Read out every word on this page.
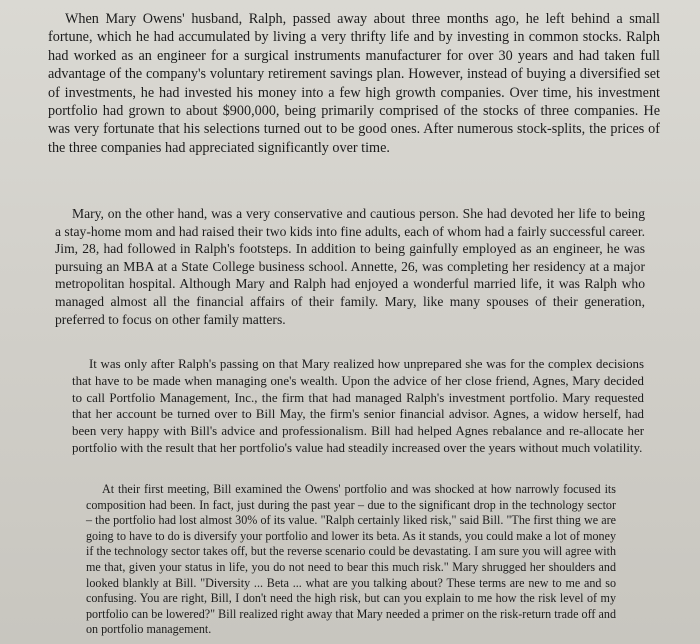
When Mary Owens' husband, Ralph, passed away about three months ago, he left behind a small fortune, which he had accumulated by living a very thrifty life and by investing in common stocks. Ralph had worked as an engineer for a surgical instruments manufacturer for over 30 years and had taken full advantage of the company's voluntary retirement savings plan. However, instead of buying a diversified set of investments, he had invested his money into a few high growth companies. Over time, his investment portfolio had grown to about $900,000, being primarily comprised of the stocks of three companies. He was very fortunate that his selections turned out to be good ones. After numerous stock-splits, the prices of the three companies had appreciated significantly over time.

Mary, on the other hand, was a very conservative and cautious person. She had devoted her life to being a stay-home mom and had raised their two kids into fine adults, each of whom had a fairly successful career. Jim, 28, had followed in Ralph's footsteps. In addition to being gainfully employed as an engineer, he was pursuing an MBA at a State College business school. Annette, 26, was completing her residency at a major metropolitan hospital. Although Mary and Ralph had enjoyed a wonderful married life, it was Ralph who managed almost all the financial affairs of their family. Mary, like many spouses of their generation, preferred to focus on other family matters.

It was only after Ralph's passing on that Mary realized how unprepared she was for the complex decisions that have to be made when managing one's wealth. Upon the advice of her close friend, Agnes, Mary decided to call Portfolio Management, Inc., the firm that had managed Ralph's investment portfolio. Mary requested that her account be turned over to Bill May, the firm's senior financial advisor. Agnes, a widow herself, had been very happy with Bill's advice and professionalism. Bill had helped Agnes rebalance and re-allocate her portfolio with the result that her portfolio's value had steadily increased over the years without much volatility.

At their first meeting, Bill examined the Owens' portfolio and was shocked at how narrowly focused its composition had been. In fact, just during the past year – due to the significant drop in the technology sector – the portfolio had lost almost 30% of its value. "Ralph certainly liked risk," said Bill. "The first thing we are going to have to do is diversify your portfolio and lower its beta. As it stands, you could make a lot of money if the technology sector takes off, but the reverse scenario could be devastating. I am sure you will agree with me that, given your status in life, you do not need to bear this much risk." Mary shrugged her shoulders and looked blankly at Bill. "Diversity ... Beta ... what are you talking about? These terms are new to me and so confusing. You are right, Bill, I don't need the high risk, but can you explain to me how the risk level of my portfolio can be lowered?" Bill realized right away that Mary needed a primer on the risk-return trade off and on portfolio management.
